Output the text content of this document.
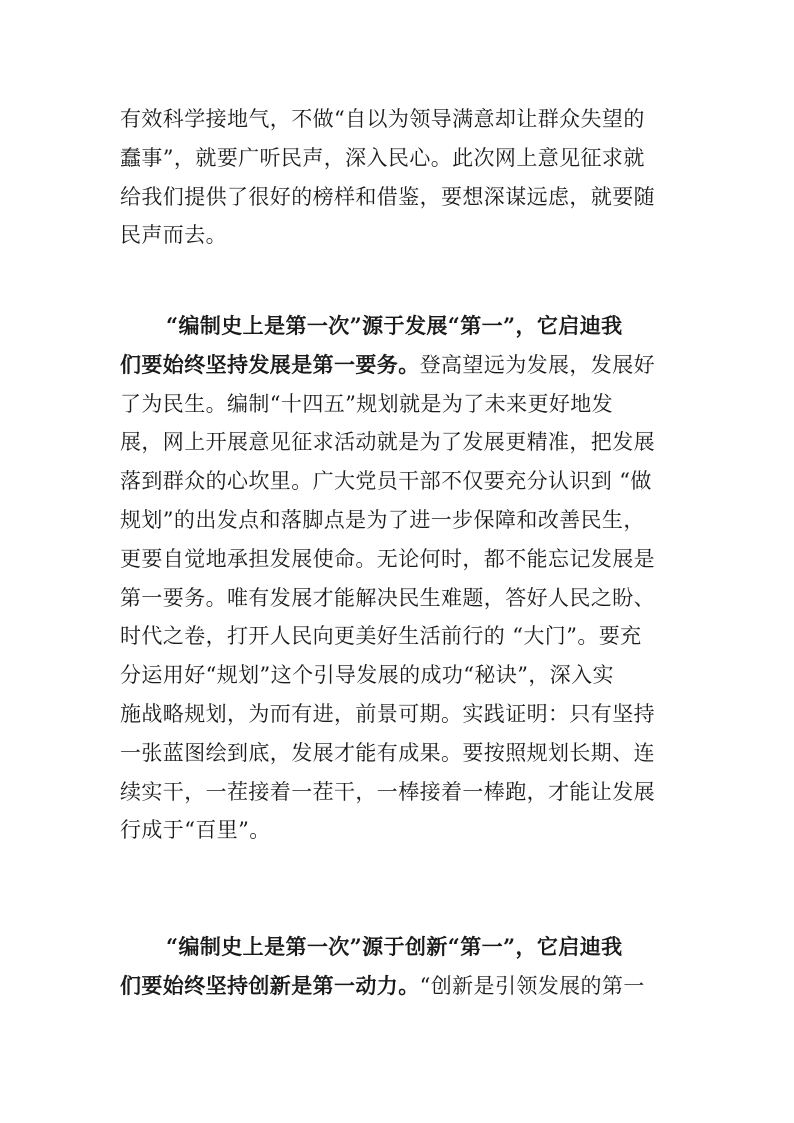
有效科学接地气，不做“自以为领导满意却让群众失望的
蠢事”，就要广听民声，深入民心。此次网上意见征求就
给我们提供了很好的榜样和借鉴，要想深谋远虑，就要随
民声而去。

“编制史上是第一次”源于发展“第一”，它启迪我
们要始终坚持发展是第一要务。登高望远为发展，发展好
了为民生。编制“十四五”规划就是为了未来更好地发
展，网上开展意见征求活动就是为了发展更精准，把发展
落到群众的心坎里。广大党员干部不仅要充分认识到 “做
规划”的出发点和落脚点是为了进一步保障和改善民生，
更要自觉地承担发展使命。无论何时，都不能忘记发展是
第一要务。唯有发展才能解决民生难题，答好人民之盼、
时代之卷，打开人民向更美好生活前行的 “大门”。要充
分运用好“规划”这个引导发展的成功“秘诀”，深入实
施战略规划，为而有进，前景可期。实践证明：只有坚持
一张蓝图绘到底，发展才能有成果。要按照规划长期、连
续实干，一茬接着一茬干，一棒接着一棒跑，才能让发展
行成于“百里”。

“编制史上是第一次”源于创新“第一”，它启迪我
们要始终坚持创新是第一动力。“创新是引领发展的第一
